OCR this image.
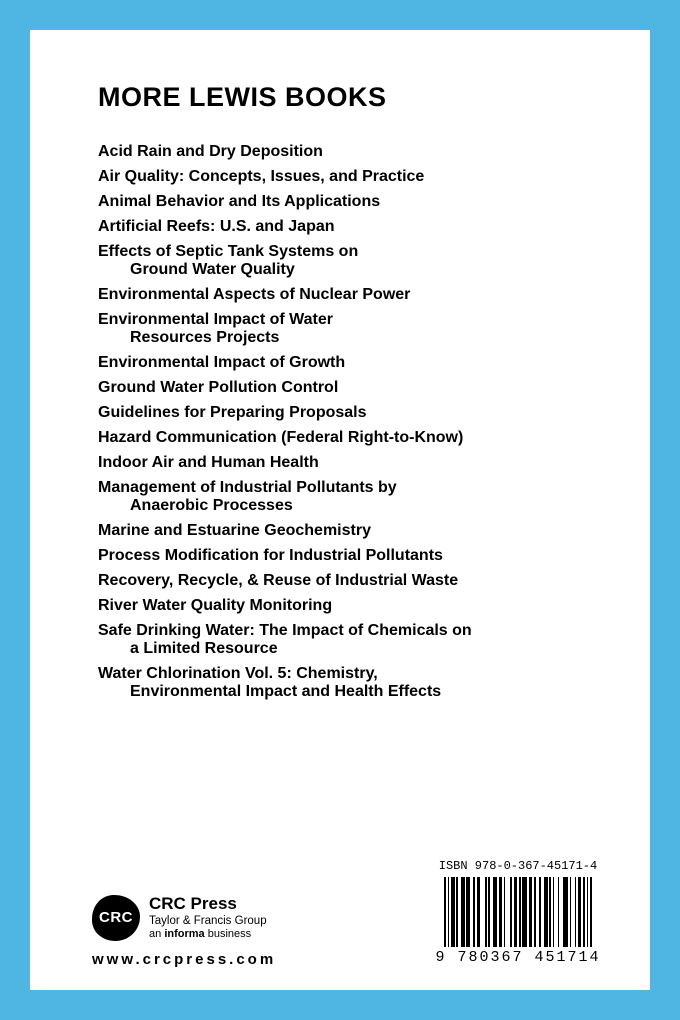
MORE LEWIS BOOKS
Acid Rain and Dry Deposition
Air Quality: Concepts, Issues, and Practice
Animal Behavior and Its Applications
Artificial Reefs: U.S. and Japan
Effects of Septic Tank Systems on
Ground Water Quality
Environmental Aspects of Nuclear Power
Environmental Impact of Water
Resources Projects
Environmental Impact of Growth
Ground Water Pollution Control
Guidelines for Preparing Proposals
Hazard Communication (Federal Right-to-Know)
Indoor Air and Human Health
Management of Industrial Pollutants by
Anaerobic Processes
Marine and Estuarine Geochemistry
Process Modification for Industrial Pollutants
Recovery, Recycle, & Reuse of Industrial Waste
River Water Quality Monitoring
Safe Drinking Water: The Impact of Chemicals on
a Limited Resource
Water Chlorination Vol. 5: Chemistry,
Environmental Impact and Health Effects
CRC
CRC Press
Taylor & Francis Group
an informa business
www.crcpress.com
ISBN 978-0-367-45171-4
9 780367 451714
